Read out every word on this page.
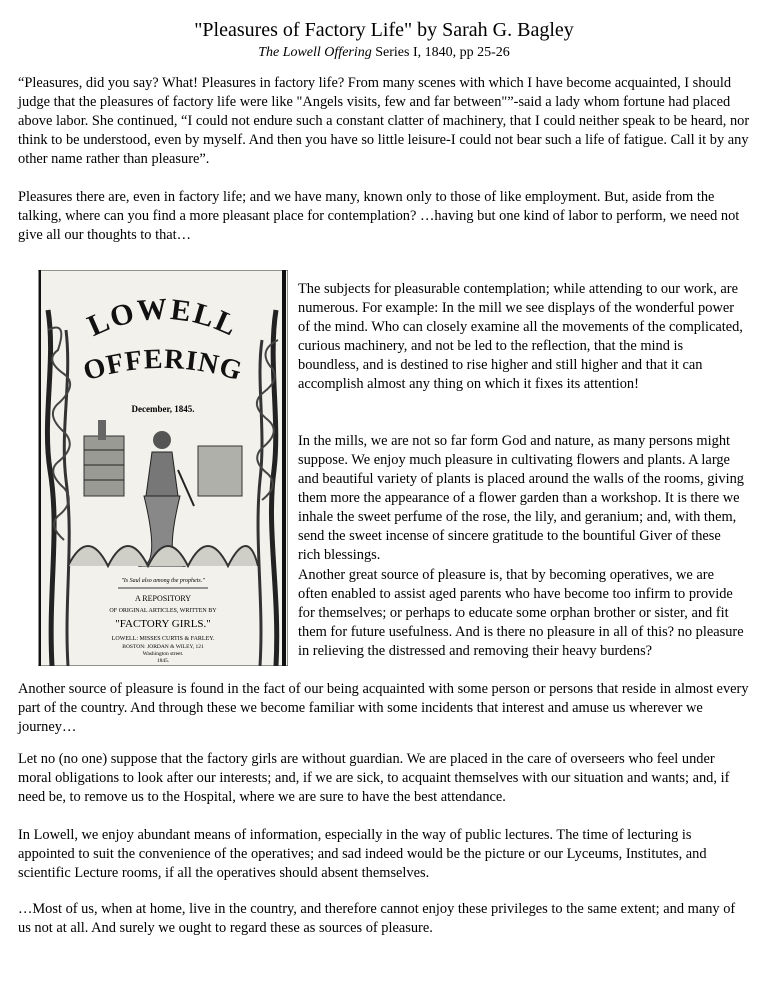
"Pleasures of Factory Life" by Sarah G. Bagley
The Lowell Offering Series I, 1840, pp 25-26

“Pleasures, did you say? What! Pleasures in factory life? From many scenes with which I have become acquainted, I should judge that the pleasures of factory life were like "Angels visits, few and far between"”-said a lady whom fortune had placed above labor. She continued, “I could not endure such a constant clatter of machinery, that I could neither speak to be heard, nor think to be understood, even by myself. And then you have so little leisure-I could not bear such a life of fatigue. Call it by any other name rather than pleasure”.

Pleasures there are, even in factory life; and we have many, known only to those of like employment. But, aside from the talking, where can you find a more pleasant place for contemplation? …having but one kind of labor to perform, we need not give all our thoughts to that…

LOWELL
OFFERING
December, 1845.
"Is Saul also among the prophets."
A REPOSITORY
OF ORIGINAL ARTICLES, WRITTEN BY
"FACTORY GIRLS."
LOWELL: MISSES CURTIS & FARLEY.
BOSTON: JORDAN & WILEY, 121
Washington street.
1845.

The subjects for pleasurable contemplation; while attending to our work, are numerous. For example: In the mill we see displays of the wonderful power of the mind. Who can closely examine all the movements of the complicated, curious machinery, and not be led to the reflection, that the mind is boundless, and is destined to rise higher and still higher and that it can accomplish almost any thing on which it fixes its attention!

In the mills, we are not so far form God and nature, as many persons might suppose. We enjoy much pleasure in cultivating flowers and plants. A large and beautiful variety of plants is placed around the walls of the rooms, giving them more the appearance of a flower garden than a workshop. It is there we inhale the sweet perfume of the rose, the lily, and geranium; and, with them, send the sweet incense of sincere gratitude to the bountiful Giver of these rich blessings.

Another great source of pleasure is, that by becoming operatives, we are often enabled to assist aged parents who have become too infirm to provide for themselves; or perhaps to educate some orphan brother or sister, and fit them for future usefulness. And is there no pleasure in all of this? no pleasure in relieving the distressed and removing their heavy burdens?

Another source of pleasure is found in the fact of our being acquainted with some person or persons that reside in almost every part of the country. And through these we become familiar with some incidents that interest and amuse us wherever we journey…

Let no (no one) suppose that the factory girls are without guardian. We are placed in the care of overseers who feel under moral obligations to look after our interests; and, if we are sick, to acquaint themselves with our situation and wants; and, if need be, to remove us to the Hospital, where we are sure to have the best attendance.

In Lowell, we enjoy abundant means of information, especially in the way of public lectures. The time of lecturing is appointed to suit the convenience of the operatives; and sad indeed would be the picture or our Lyceums, Institutes, and scientific Lecture rooms, if all the operatives should absent themselves.

…Most of us, when at home, live in the country, and therefore cannot enjoy these privileges to the same extent; and many of us not at all. And surely we ought to regard these as sources of pleasure.
